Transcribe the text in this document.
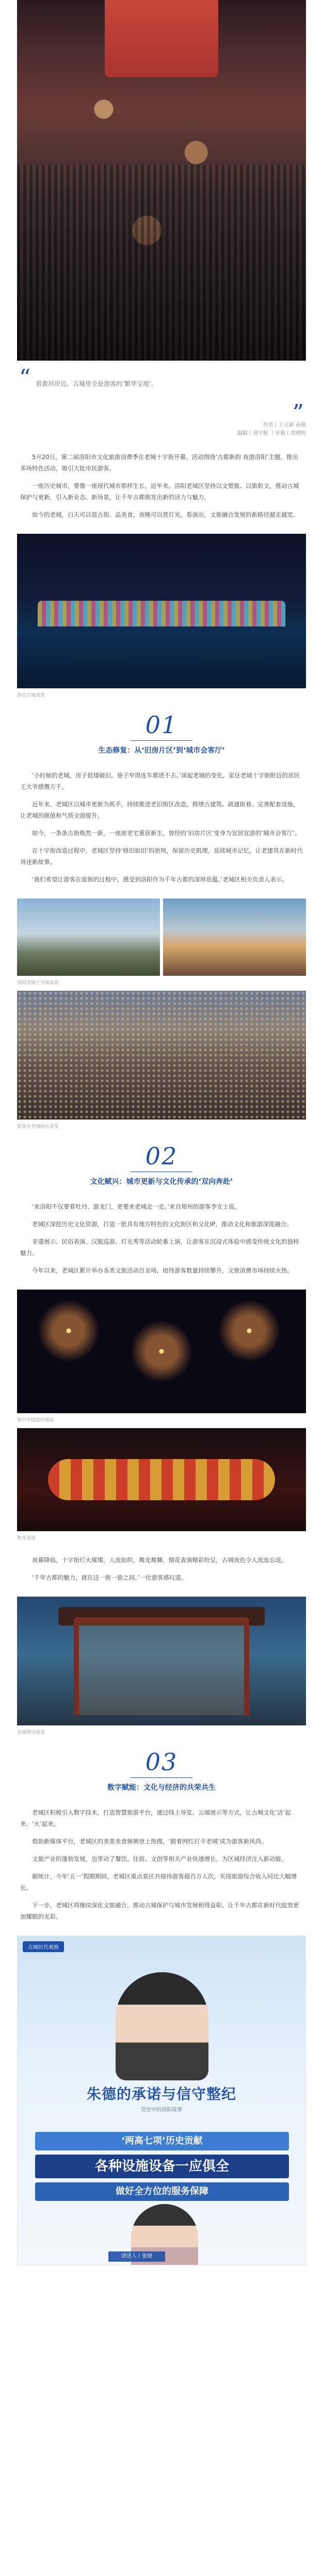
“ 看黄河岸边，古城里全是游客的‘繁华宝地’。

”
作者丨王立新 孙敬
编辑丨刘宇航 丨审核丨周晓明

5月20日，第二届洛阳市文化旅游消费季在老城十字街开幕，活动围绕‘古都新韵 夜游洛阳’主题，推出多场特色活动，吸引大批市民游客。

一座历史城市，要像一座现代城市那样生长。近年来，洛阳老城区坚持以文塑旅、以旅彰文，推动古城保护与更新，引入新业态、新场景，让千年古都焕发出新的活力与魅力。

如今的老城，白天可以逛古街、品美食，夜晚可以赏灯光、看演出，文旅融合发展的新路径越走越宽。

洛邑古城夜景
01
生态修复：从‘旧房片区’到‘城市会客厅’

‘小时候的老城，房子低矮破旧，巷子窄得连车都进不去。’谈起老城的变化，家住老城十字街附近的居民王大爷感慨万千。

近年来，老城区以城市更新为抓手，持续推进老旧街区改造，修缮古建筑、疏通街巷、完善配套设施，让老城的颜值和气质全面提升。

如今，一条条古街焕然一新，一座座老宅重获新生，曾经的‘旧房片区’变身为宜居宜游的‘城市会客厅’。

在十字街改造过程中，老城区坚持‘修旧如旧’的原则，保留历史肌理，延续城市记忆，让老建筑在新时代讲述新故事。

‘我们希望让游客在逛街的过程中，感受到洛阳作为千年古都的深厚底蕴。’老城区相关负责人表示。

洛阳老城十字街街景
游客在老城街区游览
02
文化赋兴：城市更新与文化传承的‘双向奔赴’

‘来洛阳不仅要看牡丹、游龙门，更要来老城走一走。’来自郑州的游客李女士说。

老城区深挖历史文化资源，打造一批具有地方特色的文化街区和文化IP，推动文化和旅游深度融合。

非遗展示、民俗表演、汉服巡游、灯光秀等活动轮番上演，让游客在沉浸式体验中感受传统文化的独特魅力。

今年以来，老城区累计举办各类文旅活动百余场，接待游客数量持续攀升，文旅消费市场持续火热。

夜空中绽放的烟花
舞龙表演

夜幕降临，十字街灯火璀璨，人流如织，舞龙舞狮、烟花表演精彩纷呈，古城夜色令人流连忘返。

‘千年古都的魅力，就在这一街一巷之间。’一位游客感叹道。

老城牌坊夜景
03
数字赋能：文化与经济的共荣共生

老城区积极引入数字技术，打造智慧旅游平台，通过线上导览、云端展示等方式，让古城文化‘活’起来、‘火’起来。

借助新媒体平台，老城区的美景美食频频登上热搜，‘跟着网红打卡老城’成为游客新风尚。

文旅产业的蓬勃发展，也带动了餐饮、住宿、文创等相关产业快速增长，为区域经济注入新动能。

据统计，今年‘五一’假期期间，老城区重点景区共接待游客超百万人次，实现旅游综合收入同比大幅增长。

下一步，老城区将继续深化文旅融合，推动古城保护与城市发展相得益彰，让千年古都在新时代绽放更加耀眼的光彩。

古城时代观察
朱德的承诺与信守整纪
党史中的洛阳故事
‘两高七项’历史贡献
各种设施设备一应俱全
做好全方位的服务保障
讲述人丨张晓
